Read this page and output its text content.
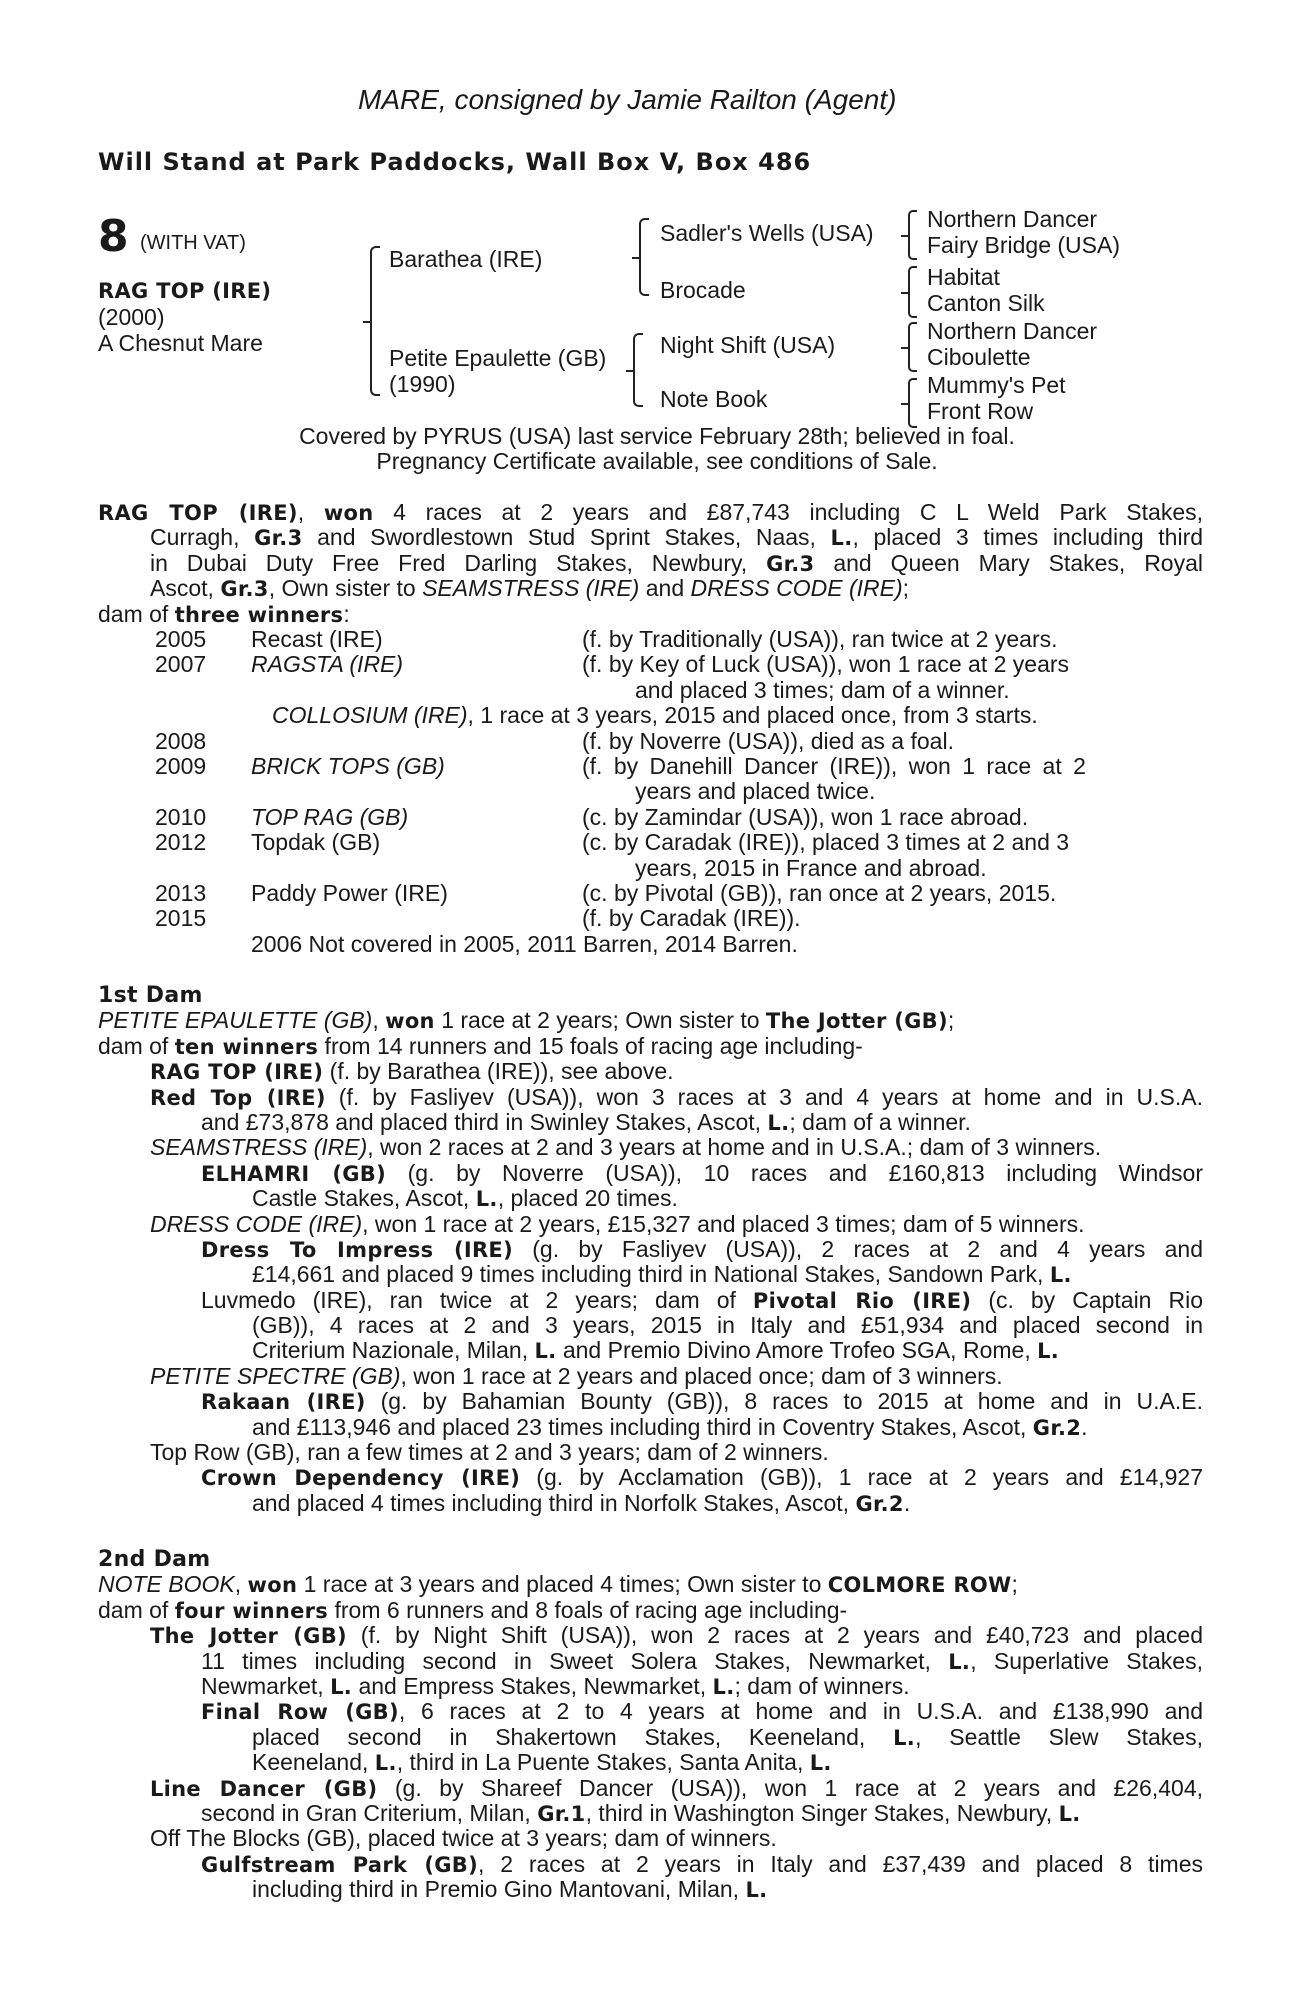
MARE, consigned by Jamie Railton (Agent)
Will Stand at Park Paddocks, Wall Box V, Box 486
8 (WITH VAT)
RAG TOP (IRE)
(2000)
A Chesnut Mare
Barathea (IRE)
Petite Epaulette (GB)
(1990)
Sadler's Wells (USA)
Brocade
Night Shift (USA)
Note Book
Northern Dancer
Fairy Bridge (USA)
Habitat
Canton Silk
Northern Dancer
Ciboulette
Mummy's Pet
Front Row
Covered by PYRUS (USA) last service February 28th; believed in foal.
Pregnancy Certificate available, see conditions of Sale.
RAG TOP (IRE), won 4 races at 2 years and £87,743 including C L Weld Park Stakes,
Curragh, Gr.3 and Swordlestown Stud Sprint Stakes, Naas, L., placed 3 times including third
in Dubai Duty Free Fred Darling Stakes, Newbury, Gr.3 and Queen Mary Stakes, Royal
Ascot, Gr.3, Own sister to SEAMSTRESS (IRE) and DRESS CODE (IRE);
dam of three winners:
2005 Recast (IRE)	(f. by Traditionally (USA)), ran twice at 2 years.
2007 RAGSTA (IRE)	(f. by Key of Luck (USA)), won 1 race at 2 years
and placed 3 times; dam of a winner.
COLLOSIUM (IRE), 1 race at 3 years, 2015 and placed once, from 3 starts.
2008	(f. by Noverre (USA)), died as a foal.
2009 BRICK TOPS (GB)	(f. by Danehill Dancer (IRE)), won 1 race at 2
years and placed twice.
2010 TOP RAG (GB)	(c. by Zamindar (USA)), won 1 race abroad.
2012 Topdak (GB)	(c. by Caradak (IRE)), placed 3 times at 2 and 3
years, 2015 in France and abroad.
2013 Paddy Power (IRE)	(c. by Pivotal (GB)), ran once at 2 years, 2015.
2015	(f. by Caradak (IRE)).
2006 Not covered in 2005, 2011 Barren, 2014 Barren.
1st Dam
PETITE EPAULETTE (GB), won 1 race at 2 years; Own sister to The Jotter (GB);
dam of ten winners from 14 runners and 15 foals of racing age including-
RAG TOP (IRE) (f. by Barathea (IRE)), see above.
Red Top (IRE) (f. by Fasliyev (USA)), won 3 races at 3 and 4 years at home and in U.S.A.
and £73,878 and placed third in Swinley Stakes, Ascot, L.; dam of a winner.
SEAMSTRESS (IRE), won 2 races at 2 and 3 years at home and in U.S.A.; dam of 3 winners.
ELHAMRI (GB) (g. by Noverre (USA)), 10 races and £160,813 including Windsor
Castle Stakes, Ascot, L., placed 20 times.
DRESS CODE (IRE), won 1 race at 2 years, £15,327 and placed 3 times; dam of 5 winners.
Dress To Impress (IRE) (g. by Fasliyev (USA)), 2 races at 2 and 4 years and
£14,661 and placed 9 times including third in National Stakes, Sandown Park, L.
Luvmedo (IRE), ran twice at 2 years; dam of Pivotal Rio (IRE) (c. by Captain Rio
(GB)), 4 races at 2 and 3 years, 2015 in Italy and £51,934 and placed second in
Criterium Nazionale, Milan, L. and Premio Divino Amore Trofeo SGA, Rome, L.
PETITE SPECTRE (GB), won 1 race at 2 years and placed once; dam of 3 winners.
Rakaan (IRE) (g. by Bahamian Bounty (GB)), 8 races to 2015 at home and in U.A.E.
and £113,946 and placed 23 times including third in Coventry Stakes, Ascot, Gr.2.
Top Row (GB), ran a few times at 2 and 3 years; dam of 2 winners.
Crown Dependency (IRE) (g. by Acclamation (GB)), 1 race at 2 years and £14,927
and placed 4 times including third in Norfolk Stakes, Ascot, Gr.2.
2nd Dam
NOTE BOOK, won 1 race at 3 years and placed 4 times; Own sister to COLMORE ROW;
dam of four winners from 6 runners and 8 foals of racing age including-
The Jotter (GB) (f. by Night Shift (USA)), won 2 races at 2 years and £40,723 and placed
11 times including second in Sweet Solera Stakes, Newmarket, L., Superlative Stakes,
Newmarket, L. and Empress Stakes, Newmarket, L.; dam of winners.
Final Row (GB), 6 races at 2 to 4 years at home and in U.S.A. and £138,990 and
placed second in Shakertown Stakes, Keeneland, L., Seattle Slew Stakes,
Keeneland, L., third in La Puente Stakes, Santa Anita, L.
Line Dancer (GB) (g. by Shareef Dancer (USA)), won 1 race at 2 years and £26,404,
second in Gran Criterium, Milan, Gr.1, third in Washington Singer Stakes, Newbury, L.
Off The Blocks (GB), placed twice at 3 years; dam of winners.
Gulfstream Park (GB), 2 races at 2 years in Italy and £37,439 and placed 8 times
including third in Premio Gino Mantovani, Milan, L.
